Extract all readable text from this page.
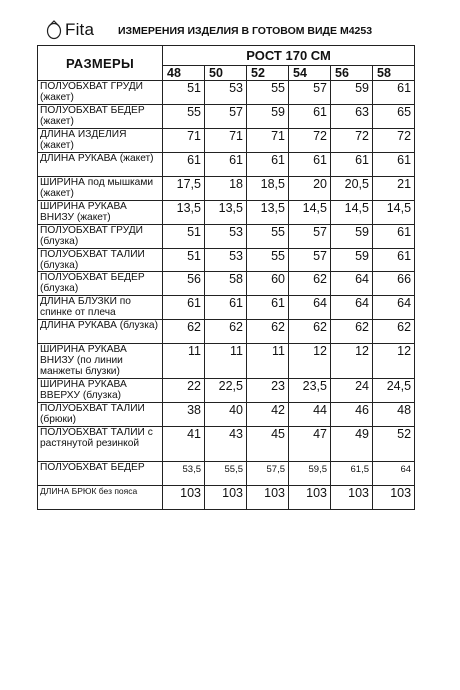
Fita ИЗМЕРЕНИЯ ИЗДЕЛИЯ В ГОТОВОМ ВИДЕ М4253
РАЗМЕРЫ	РОСТ 170 СМ					
	48	50	52	54	56	58
ПОЛУОБХВАТ ГРУДИ (жакет)	51	53	55	57	59	61
ПОЛУОБХВАТ БЕДЕР (жакет)	55	57	59	61	63	65
ДЛИНА ИЗДЕЛИЯ (жакет)	71	71	71	72	72	72
ДЛИНА РУКАВА (жакет)	61	61	61	61	61	61
ШИРИНА под мышками (жакет)	17,5	18	18,5	20	20,5	21
ШИРИНА РУКАВА ВНИЗУ (жакет)	13,5	13,5	13,5	14,5	14,5	14,5
ПОЛУОБХВАТ ГРУДИ (блузка)	51	53	55	57	59	61
ПОЛУОБХВАТ ТАЛИИ (блузка)	51	53	55	57	59	61
ПОЛУОБХВАТ БЕДЕР (блузка)	56	58	60	62	64	66
ДЛИНА БЛУЗКИ по спинке от плеча	61	61	61	64	64	64
ДЛИНА РУКАВА (блузка)	62	62	62	62	62	62
ШИРИНА РУКАВА ВНИЗУ (по линии манжеты блузки)	11	11	11	12	12	12
ШИРИНА РУКАВА ВВЕРХУ (блузка)	22	22,5	23	23,5	24	24,5
ПОЛУОБХВАТ ТАЛИИ (брюки)	38	40	42	44	46	48
ПОЛУОБХВАТ ТАЛИИ с растянутой резинкой	41	43	45	47	49	52
ПОЛУОБХВАТ БЕДЕР	53,5	55,5	57,5	59,5	61,5	64
ДЛИНА БРЮК без пояса	103	103	103	103	103	103
